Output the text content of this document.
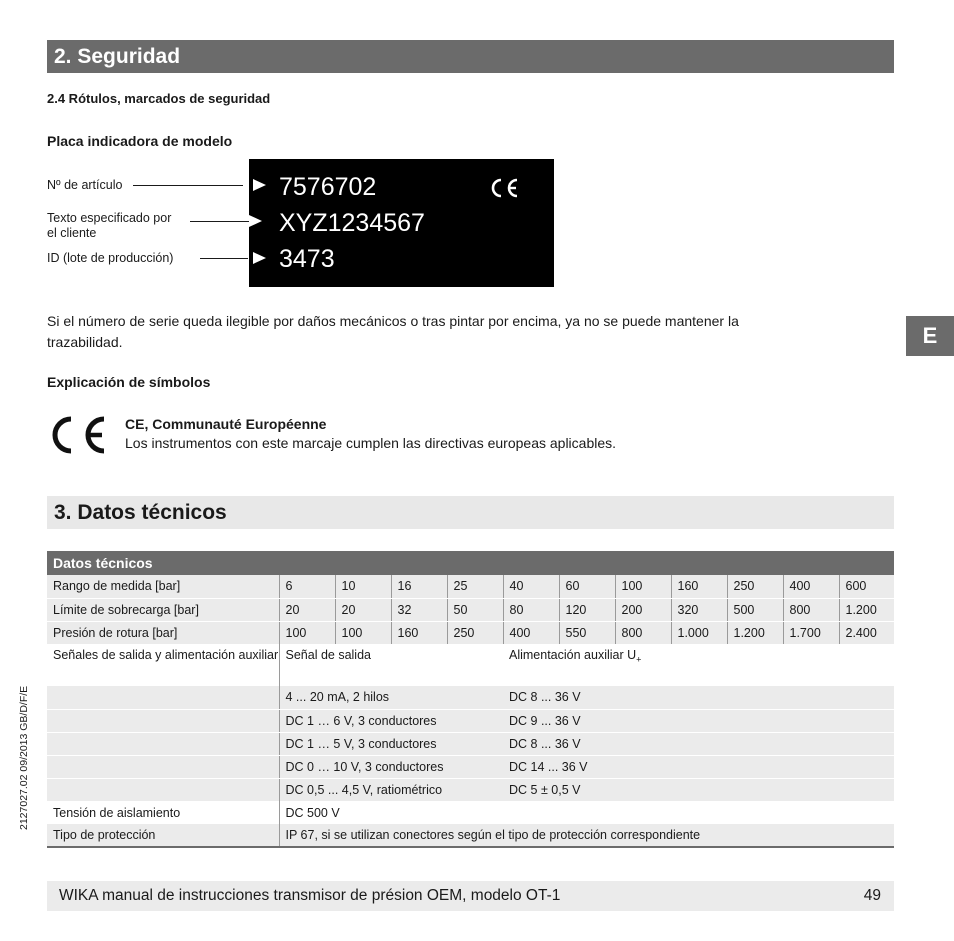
2. Seguridad
2.4 Rótulos, marcados de seguridad
Placa indicadora de modelo
Nº de artículo
Texto especificado por
el cliente
ID (lote de producción)
7576702
XYZ1234567
3473
Si el número de serie queda ilegible por daños mecánicos o tras pintar por encima, ya no se puede mantener la
trazabilidad.
Explicación de símbolos
CE, Communauté Européenne
Los instrumentos con este marcaje cumplen las directivas europeas aplicables.
3. Datos técnicos
Datos técnicos											
Rango de medida [bar]	6	10	16	25	40	60	100	160	250	400	600
Límite de sobrecarga [bar]	20	20	32	50	80	120	200	320	500	800	1.200
Presión de rotura [bar]	100	100	160	250	400	550	800	1.000	1.200	1.700	2.400
Señales de salida y alimentación auxiliar	Señal de salida				Alimentación auxiliar $U_+$
	4 ... 20 mA, 2 hilos				DC 8 ... 36 V						
	DC 1 … 6 V, 3 conductores				DC 9 ... 36 V						
	DC 1 … 5 V, 3 conductores				DC 8 ... 36 V						
	DC 0 … 10 V, 3 conductores				DC 14 ... 36 V						
	DC 0,5 ... 4,5 V, ratiométrico				DC 5 ± 0,5 V						
Tensión de aislamiento	DC 500 V										
Tipo de protección	IP 67, si se utilizan conectores según el tipo de protección correspondiente										
WIKA manual de instrucciones transmisor de présion OEM, modelo OT-1	49
E
2127027.02 09/2013 GB/D/F/E
